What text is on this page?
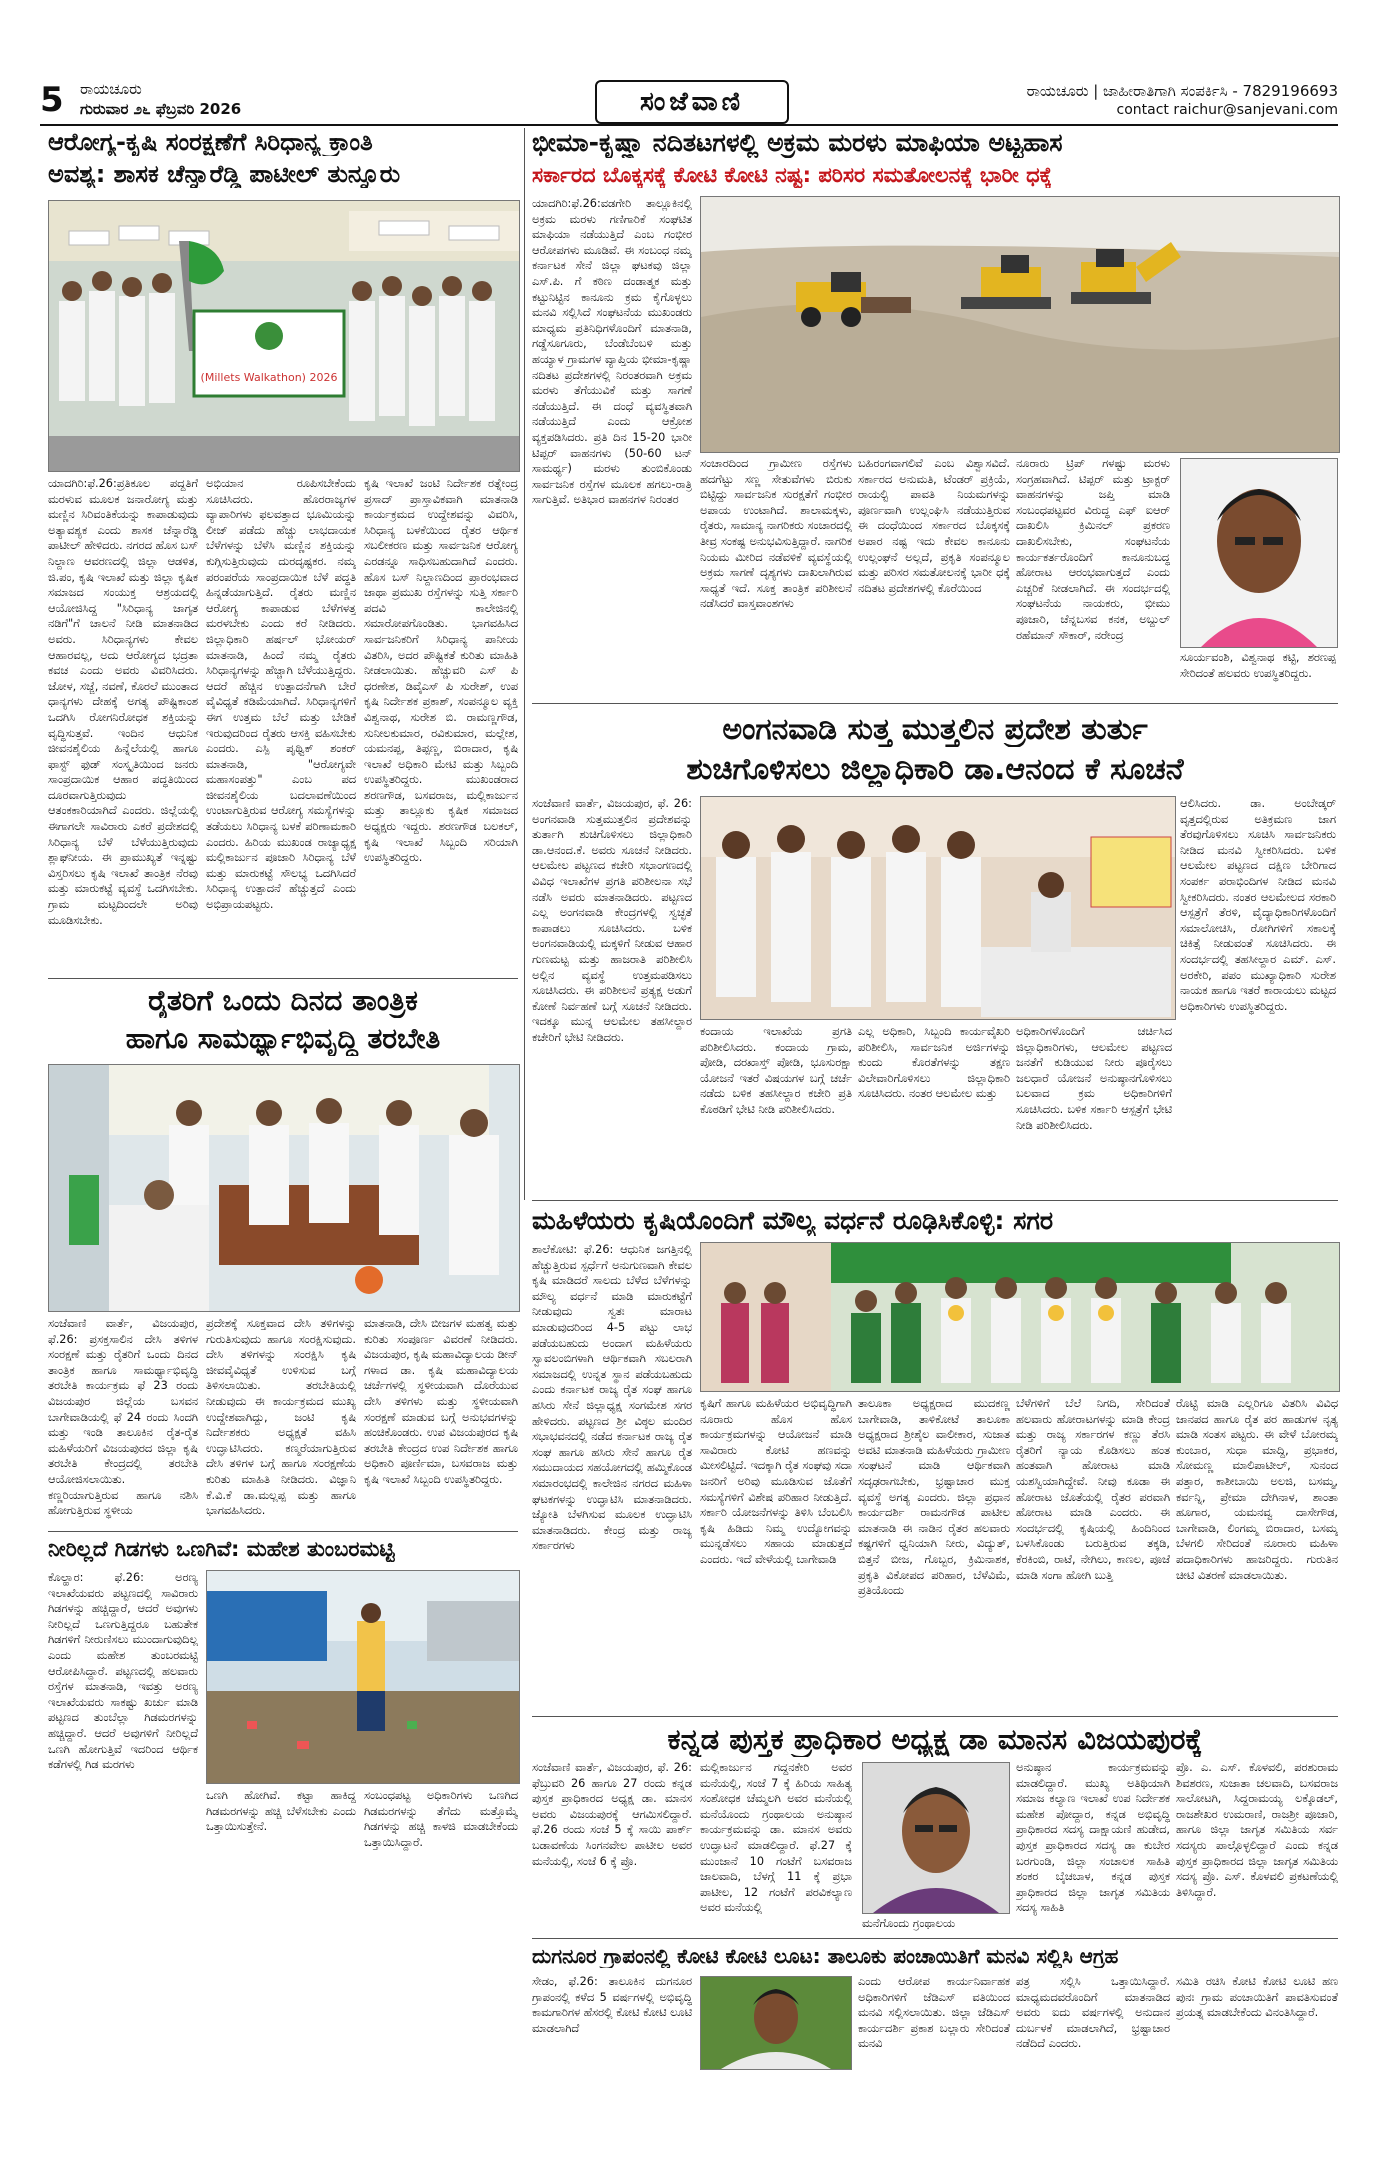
5 ರಾಯಚೂರು
ಗುರುವಾರ ೨೬ ಫೆಬ್ರವರಿ 2026	ಸಂಜೆವಾಣಿ	ರಾಯಚೂರು | ಜಾಹೀರಾತಿಗಾಗಿ ಸಂಪರ್ಕಿಸಿ - 7829196693
contact raichur@sanjevani.com
ಆರೋಗ್ಯ-ಕೃಷಿ ಸಂರಕ್ಷಣೆಗೆ ಸಿರಿಧಾನ್ಯ ಕ್ರಾಂತಿ
ಅವಶ್ಯ: ಶಾಸಕ ಚೆನ್ನಾರೆಡ್ಡಿ ಪಾಟೀಲ್ ತುನ್ನೂರು
(Millets Walkathon) 2026

ಯಾದಗಿರಿ:ಫೆ.26:ಪ್ರತಿಕೂಲ ಪದ್ದತಿಗೆ ಮರಳುವ ಮೂಲಕ ಜನಾರೋಗ್ಯ ಮತ್ತು ಮಣ್ಣಿನ ಸಿರಿವಂತಿಕೆಯನ್ನು ಕಾಪಾಡುವುದು ಅತ್ಯಾವಶ್ಯಕ ಎಂದು ಶಾಸಕ ಚೆನ್ನಾರೆಡ್ಡಿ ಪಾಟೀಲ್ ಹೇಳಿದರು. ನಗರದ ಹೊಸ ಬಸ್ ನಿಲ್ದಾಣ ಆವರಣದಲ್ಲಿ ಜಿಲ್ಲಾ ಆಡಳಿತ, ಜಿ.ಪಂ, ಕೃಷಿ ಇಲಾಖೆ ಮತ್ತು ಜಿಲ್ಲಾ ಕೃಷಿಕ ಸಮಾಜದ ಸಂಯುಕ್ತ ಆಶ್ರಯದಲ್ಲಿ ಆಯೋಜಿಸಿದ್ದ "ಸಿರಿಧಾನ್ಯ ಜಾಗೃತ ನಡಿಗೆ"ಗೆ ಚಾಲನೆ ನೀಡಿ ಮಾತನಾಡಿದ ಅವರು. ಸಿರಿಧಾನ್ಯಗಳು ಕೇವಲ ಆಹಾರವಲ್ಲ, ಅದು ಆರೋಗ್ಯದ ಭದ್ರತಾ ಕವಚ ಎಂದು ಅವರು ವಿವರಿಸಿದರು. ಜೋಳ, ಸಜ್ಜೆ, ನವಣೆ, ಕೊರಲೆ ಮುಂತಾದ ಧಾನ್ಯಗಳು ದೇಹಕ್ಕೆ ಅಗತ್ಯ ಪೌಷ್ಟಿಕಾಂಶ ಒದಗಿಸಿ ರೋಗನಿರೋಧಕ ಶಕ್ತಿಯನ್ನು ವೃದ್ಧಿಸುತ್ತವೆ. ಇಂದಿನ ಆಧುನಿಕ ಜೀವನಶೈಲಿಯ ಹಿನ್ನೆಲೆಯಲ್ಲಿ ಹಾಗೂ ಫಾಸ್ಟ್ ಫುಡ್ ಸಂಸ್ಕೃತಿಯಿಂದ ಜನರು ಸಾಂಪ್ರದಾಯಿಕ ಆಹಾರ ಪದ್ಧತಿಯಿಂದ ದೂರವಾಗುತ್ತಿರುವುದು ಆತಂಕಕಾರಿಯಾಗಿದೆ ಎಂದರು. ಜಿಲ್ಲೆಯಲ್ಲಿ ಈಗಾಗಲೇ ಸಾವಿರಾರು ಎಕರೆ ಪ್ರದೇಶದಲ್ಲಿ ಸಿರಿಧಾನ್ಯ ಬೆಳೆ ಬೆಳೆಯುತ್ತಿರುವುದು ಶ್ಲಾಘನೀಯ. ಈ ಪ್ರಾಮುಖ್ಯತೆ ಇನ್ನಷ್ಟು ವಿಸ್ತರಿಸಲು ಕೃಷಿ ಇಲಾಖೆ ತಾಂತ್ರಿಕ ನೆರವು ಮತ್ತು ಮಾರುಕಟ್ಟೆ ವ್ಯವಸ್ಥೆ ಒದಗಿಸಬೇಕು. ಗ್ರಾಮ ಮಟ್ಟದಿಂದಲೇ ಅರಿವು ಮೂಡಿಸಬೇಕು.

ಅಭಿಯಾನ ರೂಪಿಸಬೇಕೆಂದು ಸೂಚಿಸಿದರು. ಹೊರರಾಜ್ಯಗಳ ವ್ಯಾಪಾರಿಗಳು ಫಲವತ್ತಾದ ಭೂಮಿಯನ್ನು ಲೀಜ್ ಪಡೆದು ಹೆಚ್ಚು ಲಾಭದಾಯಕ ಬೆಳೆಗಳನ್ನು ಬೆಳೆಸಿ ಮಣ್ಣಿನ ಶಕ್ತಿಯನ್ನು ಕುಗ್ಗಿಸುತ್ತಿರುವುದು ದುರದೃಷ್ಟಕರ. ನಮ್ಮ ಪರಂಪರೆಯ ಸಾಂಪ್ರದಾಯಿಕ ಬೆಳೆ ಪದ್ಧತಿ ಹಿನ್ನಡೆಯಾಗುತ್ತಿದೆ. ರೈತರು ಮಣ್ಣಿನ ಆರೋಗ್ಯ ಕಾಪಾಡುವ ಬೆಳೆಗಳತ್ತ ಮರಳಬೇಕು ಎಂದು ಕರೆ ನೀಡಿದರು. ಜಿಲ್ಲಾಧಿಕಾರಿ ಹರ್ಷಲ್ ಭೋಯರ್ ಮಾತನಾಡಿ, ಹಿಂದೆ ನಮ್ಮ ರೈತರು ಸಿರಿಧಾನ್ಯಗಳನ್ನು ಹೆಚ್ಚಾಗಿ ಬೆಳೆಯುತ್ತಿದ್ದರು. ಆದರೆ ಹೆಚ್ಚಿನ ಉತ್ಪಾದನೆಗಾಗಿ ಬೇರೆ ವೈವಿಧ್ಯತೆ ಕಡಿಮೆಯಾಗಿದೆ. ಸಿರಿಧಾನ್ಯಗಳಿಗೆ ಈಗ ಉತ್ತಮ ಬೆಲೆ ಮತ್ತು ಬೇಡಿಕೆ ಇರುವುದರಿಂದ ರೈತರು ಆಸಕ್ತಿ ವಹಿಸಬೇಕು ಎಂದರು. ಎಸ್ಪಿ ಪೃಥ್ವಿಕ್ ಶಂಕರ್ ಮಾತನಾಡಿ, "ಆರೋಗ್ಯವೇ ಮಹಾಸಂಪತ್ತು" ಎಂಬ ಪದ ಜೀವನಶೈಲಿಯ ಬದಲಾವಣೆಯಿಂದ ಉಂಟಾಗುತ್ತಿರುವ ಆರೋಗ್ಯ ಸಮಸ್ಯೆಗಳನ್ನು ತಡೆಯಲು ಸಿರಿಧಾನ್ಯ ಬಳಕೆ ಪರಿಣಾಮಕಾರಿ ಎಂದರು. ಹಿರಿಯ ಮುಖಂಡ ರಾಜ್ಯಾಧ್ಯಕ್ಷ ಮಲ್ಲಿಕಾರ್ಜುನ ಪೂಜಾರಿ ಸಿರಿಧಾನ್ಯ ಬೆಳೆ ಮತ್ತು ಮಾರುಕಟ್ಟೆ ಸೌಲಭ್ಯ ಒದಗಿಸಿದರೆ ಸಿರಿಧಾನ್ಯ ಉತ್ಪಾದನೆ ಹೆಚ್ಚುತ್ತದೆ ಎಂದು ಅಭಿಪ್ರಾಯಪಟ್ಟರು.

ಕೃಷಿ ಇಲಾಖೆ ಜಂಟಿ ನಿರ್ದೇಶಕ ರತ್ನೇಂದ್ರ ಪ್ರಸಾದ್ ಪ್ರಾಸ್ತಾವಿಕವಾಗಿ ಮಾತನಾಡಿ ಕಾರ್ಯಕ್ರಮದ ಉದ್ದೇಶವನ್ನು ವಿವರಿಸಿ, ಸಿರಿಧಾನ್ಯ ಬಳಕೆಯಿಂದ ರೈತರ ಆರ್ಥಿಕ ಸಬಲೀಕರಣ ಮತ್ತು ಸಾರ್ವಜನಿಕ ಆರೋಗ್ಯ ಎರಡನ್ನೂ ಸಾಧಿಸಬಹುದಾಗಿದೆ ಎಂದರು. ಹೊಸ ಬಸ್ ನಿಲ್ದಾಣದಿಂದ ಪ್ರಾರಂಭವಾದ ಜಾಥಾ ಪ್ರಮುಖ ರಸ್ತೆಗಳನ್ನು ಸುತ್ತಿ ಸರ್ಕಾರಿ ಪದವಿ ಕಾಲೇಜಿನಲ್ಲಿ ಸಮಾರೋಪಗೊಂಡಿತು. ಭಾಗವಹಿಸಿದ ಸಾರ್ವಜನಿಕರಿಗೆ ಸಿರಿಧಾನ್ಯ ಪಾನೀಯ ವಿತರಿಸಿ, ಅದರ ಪೌಷ್ಟಿಕತೆ ಕುರಿತು ಮಾಹಿತಿ ನೀಡಲಾಯಿತು. ಹೆಚ್ಚುವರಿ ಎಸ್ ಪಿ ಧರಣೇಶ, ಡಿವೈಎಸ್ ಪಿ ಸುರೇಶ್, ಉಪ ಕೃಷಿ ನಿರ್ದೇಶಕ ಪ್ರಕಾಶ್, ಸಂಪನ್ಮೂಲ ವ್ಯಕ್ತಿ ವಿಶ್ವನಾಥ, ಸುರೇಶ ಬಿ. ರಾಮಣ್ಣಗೌಡ, ಸುನೀಲಕುಮಾರ, ರವಿಕುಮಾರ, ಮಲ್ಲೇಶ, ಯಮನಪ್ಪ, ತಿಪ್ಪಣ್ಣ, ಬಿರಾದಾರ, ಕೃಷಿ ಇಲಾಖೆ ಅಧಿಕಾರಿ ಮೇಟಿ ಮತ್ತು ಸಿಬ್ಬಂದಿ ಉಪಸ್ಥಿತರಿದ್ದರು. ಮುಖಂಡರಾದ ಶರಣಗೌಡ, ಬಸವರಾಜ, ಮಲ್ಲಿಕಾರ್ಜುನ ಮತ್ತು ತಾಲ್ಲೂಕು ಕೃಷಿಕ ಸಮಾಜದ ಅಧ್ಯಕ್ಷರು ಇದ್ದರು. ಶರಣಗೌಡ ಬಲಕಲ್, ಕೃಷಿ ಇಲಾಖೆ ಸಿಬ್ಬಂದಿ ಸರಿಯಾಗಿ ಉಪಸ್ಥಿತರಿದ್ದರು.

ಭೀಮಾ-ಕೃಷ್ಣಾ ನದಿತಟಗಳಲ್ಲಿ ಅಕ್ರಮ ಮರಳು ಮಾಫಿಯಾ ಅಟ್ಟಹಾಸ
ಸರ್ಕಾರದ ಬೊಕ್ಕಸಕ್ಕೆ ಕೋಟಿ ಕೋಟಿ ನಷ್ಟ: ಪರಿಸರ ಸಮತೋಲನಕ್ಕೆ ಭಾರೀ ಧಕ್ಕೆ

ಯಾದಗಿರಿ:ಫೆ.26:ವಡಗೇರಿ ತಾಲ್ಲೂಕಿನಲ್ಲಿ ಅಕ್ರಮ ಮರಳು ಗಣಿಗಾರಿಕೆ ಸಂಘಟಿತ ಮಾಫಿಯಾ ನಡೆಯುತ್ತಿದೆ ಎಂಬ ಗಂಭೀರ ಆರೋಪಗಳು ಮೂಡಿವೆ. ಈ ಸಂಬಂಧ ನಮ್ಮ ಕರ್ನಾಟಕ ಸೇನೆ ಜಿಲ್ಲಾ ಘಟಕವು ಜಿಲ್ಲಾ ಎಸ್.ಪಿ. ಗೆ ಕಠಿಣ ದಂಡಾತ್ಮಕ ಮತ್ತು ಕಟ್ಟುನಿಟ್ಟಿನ ಕಾನೂನು ಕ್ರಮ ಕೈಗೊಳ್ಳಲು ಮನವಿ ಸಲ್ಲಿಸಿದೆ ಸಂಘಟನೆಯ ಮುಖಂಡರು ಮಾಧ್ಯಮ ಪ್ರತಿನಿಧಿಗಳೊಂದಿಗೆ ಮಾತನಾಡಿ, ಗಡ್ಡೆಸೂಗೂರು, ಬೆಂಡೆಬೆಂಬಳಿ ಮತ್ತು ಹಯ್ಯಾಳ ಗ್ರಾಮಗಳ ವ್ಯಾಪ್ತಿಯ ಭೀಮಾ-ಕೃಷ್ಣಾ ನದಿತಟ ಪ್ರದೇಶಗಳಲ್ಲಿ ನಿರಂತರವಾಗಿ ಅಕ್ರಮ ಮರಳು ತೆಗೆಯುವಿಕೆ ಮತ್ತು ಸಾಗಣೆ ನಡೆಯುತ್ತಿದೆ. ಈ ದಂಧೆ ವ್ಯವಸ್ಥಿತವಾಗಿ ನಡೆಯುತ್ತಿದೆ ಎಂದು ಆಕ್ರೋಶ ವ್ಯಕ್ತಪಡಿಸಿದರು. ಪ್ರತಿ ದಿನ 15-20 ಭಾರೀ ಟಿಪ್ಪರ್ ವಾಹನಗಳು (50-60 ಟನ್ ಸಾಮರ್ಥ್ಯ) ಮರಳು ತುಂಬಿಕೊಂಡು ಸಾರ್ವಜನಿಕ ರಸ್ತೆಗಳ ಮೂಲಕ ಹಗಲು-ರಾತ್ರಿ ಸಾಗುತ್ತಿವೆ. ಅತಿಭಾರ ವಾಹನಗಳ ನಿರಂತರ

ಸಂಚಾರದಿಂದ ಗ್ರಾಮೀಣ ರಸ್ತೆಗಳು ಹದಗೆಟ್ಟು ಸಣ್ಣ ಸೇತುವೆಗಳು ಬಿರುಕು ಬಿಟ್ಟಿದ್ದು ಸಾರ್ವಜನಿಕ ಸುರಕ್ಷತೆಗೆ ಗಂಭೀರ ಅಪಾಯ ಉಂಟಾಗಿದೆ. ಶಾಲಾಮಕ್ಕಳು, ರೈತರು, ಸಾಮಾನ್ಯ ನಾಗರಿಕರು ಸಂಚಾರದಲ್ಲಿ ತೀವ್ರ ಸಂಕಷ್ಟ ಅನುಭವಿಸುತ್ತಿದ್ದಾರೆ. ನಾಗರಿಕ ನಿಯಮ ಮೀರಿದ ನಡೆವಳಿಕೆ ವ್ಯವಸ್ಥೆಯಲ್ಲಿ ಅಕ್ರಮ ಸಾಗಣೆ ದೃಶ್ಯಗಳು ದಾಖಲಾಗಿರುವ ಸಾಧ್ಯತೆ ಇದೆ. ಸೂಕ್ತ ತಾಂತ್ರಿಕ ಪರಿಶೀಲನೆ ನಡೆಸಿದರೆ ವಾಸ್ತವಾಂಶಗಳು

ಬಹಿರಂಗವಾಗಲಿವೆ ಎಂಬ ವಿಶ್ವಾಸವಿದೆ. ಸರ್ಕಾರದ ಅನುಮತಿ, ಟೆಂಡರ್ ಪ್ರಕ್ರಿಯೆ, ರಾಯಲ್ಟಿ ಪಾವತಿ ನಿಯಮಗಳನ್ನು ಪೂರ್ಣವಾಗಿ ಉಲ್ಲಂಘಿಸಿ ನಡೆಯುತ್ತಿರುವ ಈ ದಂಧೆಯಿಂದ ಸರ್ಕಾರದ ಬೊಕ್ಕಸಕ್ಕೆ ಅಪಾರ ನಷ್ಟ ಇದು ಕೇವಲ ಕಾನೂನು ಉಲ್ಲಂಘನೆ ಅಲ್ಲದೆ, ಪ್ರಕೃತಿ ಸಂಪನ್ಮೂಲ ಮತ್ತು ಪರಿಸರ ಸಮತೋಲನಕ್ಕೆ ಭಾರೀ ಧಕ್ಕೆ ನದಿತಟ ಪ್ರದೇಶಗಳಲ್ಲಿ ಕೊರೆಯಿಂದ

ನೂರಾರು ಟ್ರಿಪ್ ಗಳಷ್ಟು ಮರಳು ಸಂಗ್ರಹವಾಗಿದೆ. ಟಿಪ್ಪರ್ ಮತ್ತು ಟ್ರಾಕ್ಟರ್ ವಾಹನಗಳನ್ನು ಜಪ್ತಿ ಮಾಡಿ ಸಂಬಂಧಪಟ್ಟವರ ವಿರುದ್ಧ ಎಫ್ ಐಆರ್ ದಾಖಲಿಸಿ ಕ್ರಿಮಿನಲ್ ಪ್ರಕರಣ ದಾಖಲಿಸಬೇಕು, ಸಂಘಟನೆಯ ಕಾರ್ಯಕರ್ತರೊಂದಿಗೆ ಕಾನೂನುಬದ್ಧ ಹೋರಾಟ ಆರಂಭವಾಗುತ್ತದೆ ಎಂದು ಎಚ್ಚರಿಕೆ ನೀಡಲಾಗಿದೆ. ಈ ಸಂದರ್ಭದಲ್ಲಿ ಸಂಘಟನೆಯ ನಾಯಕರು, ಭೀಮು ಪೂಜಾರಿ, ಚೆನ್ನಬಸವ ಕನಕ, ಅಬ್ದುಲ್ ರಹೆಮಾನ್ ಸೌಕಾರ್, ನರೇಂದ್ರ

ಸೂರ್ಯವಂಶಿ, ವಿಶ್ವನಾಥ ಕಟ್ಟಿ, ಶರಣಪ್ಪ ಸೇರಿದಂತೆ ಹಲವರು ಉಪಸ್ಥಿತರಿದ್ದರು.

ಅಂಗನವಾಡಿ ಸುತ್ತ ಮುತ್ತಲಿನ ಪ್ರದೇಶ ತುರ್ತು
ಶುಚಿಗೊಳಿಸಲು ಜಿಲ್ಲಾಧಿಕಾರಿ ಡಾ.ಆನಂದ ಕೆ ಸೂಚನೆ

ಸಂಜೆವಾಣಿ ವಾರ್ತೆ, ವಿಜಯಪುರ, ಫೆ. 26: ಅಂಗನವಾಡಿ ಸುತ್ತಮುತ್ತಲಿನ ಪ್ರದೇಶವನ್ನು ತುರ್ತಾಗಿ ಶುಚಿಗೊಳಿಸಲು ಜಿಲ್ಲಾಧಿಕಾರಿ ಡಾ.ಆನಂದ.ಕೆ. ಅವರು ಸೂಚನೆ ನೀಡಿದರು. ಆಲಮೇಲ ಪಟ್ಟಣದ ಕಚೇರಿ ಸಭಾಂಗಣದಲ್ಲಿ ವಿವಿಧ ಇಲಾಖೆಗಳ ಪ್ರಗತಿ ಪರಿಶೀಲನಾ ಸಭೆ ನಡೆಸಿ ಅವರು ಮಾತನಾಡಿದರು. ಪಟ್ಟಣದ ಎಲ್ಲ ಅಂಗನವಾಡಿ ಕೇಂದ್ರಗಳಲ್ಲಿ ಸ್ವಚ್ಛತೆ ಕಾಪಾಡಲು ಸೂಚಿಸಿದರು. ಬಳಿಕ ಅಂಗನವಾಡಿಯಲ್ಲಿ ಮಕ್ಕಳಿಗೆ ನೀಡುವ ಆಹಾರ ಗುಣಮಟ್ಟ ಮತ್ತು ಹಾಜರಾತಿ ಪರಿಶೀಲಿಸಿ ಅಲ್ಲಿನ ವ್ಯವಸ್ಥೆ ಉತ್ತಮಪಡಿಸಲು ಸೂಚಿಸಿದರು. ಈ ಪರಿಶೀಲನೆ ಪ್ರತ್ಯಕ್ಷ ಅಡುಗೆ ಕೋಣೆ ನಿರ್ವಹಣೆ ಬಗ್ಗೆ ಸೂಚನೆ ನೀಡಿದರು. ಇದಕ್ಕೂ ಮುನ್ನ ಆಲಮೇಲ ತಹಸೀಲ್ದಾರ ಕಚೇರಿಗೆ ಭೇಟಿ ನೀಡಿದರು.	ಕಂದಾಯ ಇಲಾಖೆಯ ಪ್ರಗತಿ ಪರಿಶೀಲಿಸಿದರು. ಕಂದಾಯ ಗ್ರಾಮ, ಪೋಡಿ, ದರಖಾಸ್ತ್ ಪೋಡಿ, ಭೂಸುರಕ್ಷಾ ಯೋಜನೆ ಇತರೆ ವಿಷಯಗಳ ಬಗ್ಗೆ ಚರ್ಚೆ ನಡೆದು ಬಳಿಕ ತಹಸೀಲ್ದಾರ ಕಚೇರಿ ಪ್ರತಿ ಕೊಠಡಿಗೆ ಭೇಟಿ ನೀಡಿ ಪರಿಶೀಲಿಸಿದರು.

ಎಲ್ಲ ಅಧಿಕಾರಿ, ಸಿಬ್ಬಂದಿ ಕಾರ್ಯವೈಖರಿ ಪರಿಶೀಲಿಸಿ, ಸಾರ್ವಜನಿಕ ಅರ್ಜಿಗಳನ್ನು ಕುಂದು ಕೊರತೆಗಳನ್ನು ತಕ್ಷಣ ವಿಲೇವಾರಿಗೊಳಿಸಲು ಜಿಲ್ಲಾಧಿಕಾರಿ ಸೂಚಿಸಿದರು. ನಂತರ ಆಲಮೇಲ ಮತ್ತು

ಅಧಿಕಾರಿಗಳೊಂದಿಗೆ ಚರ್ಚಿಸಿದ ಜಿಲ್ಲಾಧಿಕಾರಿಗಳು, ಆಲಮೇಲ ಪಟ್ಟಣದ ಜನತೆಗೆ ಕುಡಿಯುವ ನೀರು ಪೂರೈಸಲು ಜಲಧಾರೆ ಯೋಜನೆ ಅನುಷ್ಠಾನಗೊಳಿಸಲು ಬಲವಾದ ಕ್ರಮ ಅಧಿಕಾರಿಗಳಿಗೆ ಸೂಚಿಸಿದರು. ಬಳಿಕ ಸರ್ಕಾರಿ ಆಸ್ಪತ್ರೆಗೆ ಭೇಟಿ ನೀಡಿ ಪರಿಶೀಲಿಸಿದರು.

ಆಲಿಸಿದರು. ಡಾ. ಅಂಬೇಡ್ಕರ್ ವೃತ್ತದಲ್ಲಿರುವ ಅತಿಕ್ರಮಣ ಜಾಗ ತೆರವುಗೊಳಿಸಲು ಸೂಚಿಸಿ ಸಾರ್ವಜನಿಕರು ನೀಡಿದ ಮನವಿ ಸ್ವೀಕರಿಸಿದರು. ಬಳಿಕ ಆಲಮೇಲ ಪಟ್ಟಣದ ದಕ್ಷಿಣ ಬೇರಿಗಾದ ಸಂಪರ್ಕ ಪರಾಭಿಂದಿಗಳ ನೀಡಿದ ಮನವಿ ಸ್ವೀಕರಿಸಿದರು. ನಂತರ ಆಲಮೇಲದ ಸರಕಾರಿ ಆಸ್ಪತ್ರೆಗೆ ತೆರಳಿ, ವೈದ್ಯಾಧಿಕಾರಿಗಳೊಂದಿಗೆ ಸಮಾಲೋಚಿಸಿ, ರೋಗಿಗಳಿಗೆ ಸಕಾಲಕ್ಕೆ ಚಿಕಿತ್ಸೆ ನೀಡುವಂತೆ ಸೂಚಿಸಿದರು. ಈ ಸಂದರ್ಭದಲ್ಲಿ ತಹಸೀಲ್ದಾರ ಎಮ್. ಎಸ್. ಅರಕೇರಿ, ಪಪಂ ಮುಖ್ಯಾಧಿಕಾರಿ ಸುರೇಶ ನಾಯಕ ಹಾಗೂ ಇತರೆ ಕಾರಾಯಲು ಮಟ್ಟದ ಅಧಿಕಾರಿಗಳು ಉಪಸ್ಥಿತರಿದ್ದರು.

ರೈತರಿಗೆ ಒಂದು ದಿನದ ತಾಂತ್ರಿಕ
ಹಾಗೂ ಸಾಮರ್ಥ್ಯಾಭಿವೃದ್ಧಿ ತರಬೇತಿ

ಸಂಜೆವಾಣಿ ವಾರ್ತೆ, ವಿಜಯಪುರ, ಫೆ.26: ಪ್ರಸಕ್ತಸಾಲಿನ ದೇಸಿ ತಳಿಗಳ ಸಂರಕ್ಷಣೆ ಮತ್ತು ರೈತರಿಗೆ ಒಂದು ದಿನದ ತಾಂತ್ರಿಕ ಹಾಗೂ ಸಾಮರ್ಥ್ಯಾಭಿವೃದ್ಧಿ ತರಬೇತಿ ಕಾರ್ಯಕ್ರಮ ಫೆ 23 ರಂದು ವಿಜಯಪುರ ಜಿಲ್ಲೆಯ ಬಸವನ ಬಾಗೇವಾಡಿಯಲ್ಲಿ ಫೆ 24 ರಂದು ಸಿಂದಗಿ ಮತ್ತು ಇಂಡಿ ತಾಲೂಕಿನ ರೈತ-ರೈತ ಮಹಿಳೆಯರಿಗೆ ವಿಜಯಪುರದ ಜಿಲ್ಲಾ ಕೃಷಿ ತರಬೇತಿ ಕೇಂದ್ರದಲ್ಲಿ ತರಬೇತಿ ಆಯೋಜಿಸಲಾಯಿತು. ಕಣ್ಣರಿಯಾಗುತ್ತಿರುವ ಹಾಗೂ ನಶಿಸಿ ಹೋಗುತ್ತಿರುವ ಸ್ಥಳೀಯ

ಪ್ರದೇಶಕ್ಕೆ ಸೂಕ್ತವಾದ ದೇಸಿ ತಳಿಗಳನ್ನು ಗುರುತಿಸುವುದು ಹಾಗೂ ಸಂರಕ್ಷಿಸುವುದು. ದೇಸಿ ತಳಿಗಳನ್ನು ಸಂರಕ್ಷಿಸಿ ಕೃಷಿ ಜೀವವೈವಿಧ್ಯತೆ ಉಳಿಸುವ ಬಗ್ಗೆ ತಿಳಿಸಲಾಯಿತು. ತರಬೇತಿಯಲ್ಲಿ ನೀಡುವುದು ಈ ಕಾರ್ಯಕ್ರಮದ ಮುಖ್ಯ ಉದ್ದೇಶವಾಗಿದ್ದು, ಜಂಟಿ ಕೃಷಿ ನಿರ್ದೇಶಕರು ಅಧ್ಯಕ್ಷತೆ ವಹಿಸಿ ಉದ್ಘಾಟಿಸಿದರು. ಕಣ್ಮರೆಯಾಗುತ್ತಿರುವ ದೇಸಿ ತಳಿಗಳ ಬಗ್ಗೆ ಹಾಗೂ ಸಂರಕ್ಷಣೆಯ ಕುರಿತು ಮಾಹಿತಿ ನೀಡಿದರು. ವಿಜ್ಞಾನಿ ಕೆ.ವಿ.ಕೆ ಡಾ.ಮಲ್ಲಪ್ಪ ಮತ್ತು ಹಾಗೂ ಭಾಗವಹಿಸಿದರು.

ಮಾತನಾಡಿ, ದೇಸಿ ಬೀಜಗಳ ಮಹತ್ವ ಮತ್ತು ಕುರಿತು ಸಂಪೂರ್ಣ ವಿವರಣೆ ನೀಡಿದರು. ವಿಜಯಪುರ, ಕೃಷಿ ಮಹಾವಿದ್ಯಾಲಯ ಡೀನ್ ಗಳಾದ ಡಾ. ಕೃಷಿ ಮಹಾವಿದ್ಯಾಲಯ ಚರ್ಚೆಗಳಲ್ಲಿ ಸ್ಥಳೀಯವಾಗಿ ದೊರೆಯುವ ದೇಸಿ ತಳಿಗಳು ಮತ್ತು ಸ್ಥಳೀಯವಾಗಿ ಸಂರಕ್ಷಣೆ ಮಾಡುವ ಬಗ್ಗೆ ಅನುಭವಗಳನ್ನು ಹಂಚಿಕೊಂಡರು. ಉಪ ವಿಜಯಪುರದ ಕೃಷಿ ತರಬೇತಿ ಕೇಂದ್ರದ ಉಪ ನಿರ್ದೇಶಕ ಹಾಗೂ ಅಧಿಕಾರಿ ಪೂರ್ಣಿಮಾ, ಬಸವರಾಜ ಮತ್ತು ಕೃಷಿ ಇಲಾಖೆ ಸಿಬ್ಬಂದಿ ಉಪಸ್ಥಿತರಿದ್ದರು.

ಮಹಿಳೆಯರು ಕೃಷಿಯೊಂದಿಗೆ ಮೌಲ್ಯ ವರ್ಧನೆ ರೂಢಿಸಿಕೊಳ್ಳಿ: ಸಗರ

ಶಾಲೆಕೋಟಿ: ಫೆ.26: ಆಧುನಿಕ ಜಗತ್ತಿನಲ್ಲಿ ಹೆಚ್ಚುತ್ತಿರುವ ಸ್ಪರ್ಧೆಗೆ ಅನುಗುಣವಾಗಿ ಕೇವಲ ಕೃಷಿ ಮಾಡಿದರೆ ಸಾಲದು ಬೆಳೆದ ಬೆಳೆಗಳನ್ನು ಮೌಲ್ಯ ವರ್ಧನೆ ಮಾಡಿ ಮಾರುಕಟ್ಟೆಗೆ ನೀಡುವುದು ಸ್ವತಃ ಮಾರಾಟ ಮಾಡುವುದರಿಂದ 4-5 ಪಟ್ಟು ಲಾಭ ಪಡೆಯಬಹುದು ಅಂದಾಗ ಮಹಿಳೆಯರು ಸ್ವಾವಲಂಬಿಗಳಾಗಿ ಆರ್ಥಿಕವಾಗಿ ಸಬಲರಾಗಿ ಸಮಾಜದಲ್ಲಿ ಉನ್ನತ ಸ್ಥಾನ ಪಡೆಯಬಹುದು ಎಂದು ಕರ್ನಾಟಕ ರಾಜ್ಯ ರೈತ ಸಂಘ ಹಾಗೂ ಹಸಿರು ಸೇನೆ ಜಿಲ್ಲಾಧ್ಯಕ್ಷ ಸಂಗಮೇಶ ಸಗರ ಹೇಳಿದರು. ಪಟ್ಟಣದ ಶ್ರೀ ವಿಠ್ಠಲ ಮಂದಿರ ಸಭಾಭವನದಲ್ಲಿ ನಡೆದ ಕರ್ನಾಟಕ ರಾಜ್ಯ ರೈತ ಸಂಘ ಹಾಗೂ ಹಸಿರು ಸೇನೆ ಹಾಗೂ ರೈತ ಸಮುದಾಯದ ಸಹಯೋಗದಲ್ಲಿ ಹಮ್ಮಿಕೊಂಡ ಸಮಾರಂಭದಲ್ಲಿ ಕಾಲೇಜಿನ ನಗರದ ಮಹಿಳಾ ಘಟಕಗಳನ್ನು ಉದ್ಘಾಟಿಸಿ ಮಾತನಾಡಿದರು. ಜ್ಯೋತಿ ಬೆಳಗಿಸುವ ಮೂಲಕ ಉದ್ಘಾಟಿಸಿ ಮಾತನಾಡಿದರು. ಕೇಂದ್ರ ಮತ್ತು ರಾಜ್ಯ ಸರ್ಕಾರಗಳು

ಕೃಷಿಗೆ ಹಾಗೂ ಮಹಿಳೆಯರ ಅಭಿವೃದ್ಧಿಗಾಗಿ ನೂರಾರು ಹೊಸ ಹೊಸ ಕಾರ್ಯಕ್ರಮಗಳನ್ನು ಆಯೋಜನೆ ಮಾಡಿ ಸಾವಿರಾರು ಕೋಟಿ ಹಣವನ್ನು ಮೀಸಲಿಟ್ಟಿದೆ. ಇದಕ್ಕಾಗಿ ರೈತ ಸಂಘವು ಸದಾ ಜನರಿಗೆ ಅರಿವು ಮೂಡಿಸುವ ಜೊತೆಗೆ ಸಮಸ್ಯೆಗಳಿಗೆ ವಿಶೇಷ ಪರಿಹಾರ ನೀಡುತ್ತಿದೆ. ಸರ್ಕಾರಿ ಯೋಜನೆಗಳನ್ನು ತಿಳಿಸಿ ಬೆಂಬಲಿಸಿ ಕೃಷಿ ಹಿಡಿದು ನಿಮ್ಮ ಉದ್ಯೋಗವನ್ನು ಮುನ್ನಡೆಸಲು ಸಹಾಯ ಮಾಡುತ್ತದೆ ಎಂದರು. ಇದೆ ವೇಳೆಯಲ್ಲಿ ಬಾಗೇವಾಡಿ

ತಾಲೂಕಾ ಅಧ್ಯಕ್ಷರಾದ ಮುದಕಣ್ಣ ಬಾಗೇವಾಡಿ, ತಾಳಿಕೋಟೆ ತಾಲೂಕಾ ಅಧ್ಯಕ್ಷರಾದ ಶ್ರೀಶೈಲ ವಾಲೀಕಾರ, ಸುಜಾತ ಅವಟಿ ಮಾತನಾಡಿ ಮಹಿಳೆಯರು ಗ್ರಾಮೀಣ ಸಂಘಟನೆ ಮಾಡಿ ಆರ್ಥಿಕವಾಗಿ ಸದೃಢರಾಗಬೇಕು, ಭ್ರಷ್ಟಾಚಾರ ಮುಕ್ತ ವ್ಯವಸ್ಥೆ ಅಗತ್ಯ ಎಂದರು. ಜಿಲ್ಲಾ ಪ್ರಧಾನ ಕಾರ್ಯದರ್ಶಿ ರಾಮನಗೌಡ ಪಾಟೀಲ ಮಾತನಾಡಿ ಈ ನಾಡಿನ ರೈತರ ಹಲವಾರು ಕಷ್ಟಗಳಿಗೆ ಧ್ವನಿಯಾಗಿ ನೀರು, ವಿದ್ಯುತ್, ಬಿತ್ತನೆ ಬೀಜ, ಗೊಬ್ಬರ, ಕ್ರಿಮಿನಾಶಕ, ಪ್ರಕೃತಿ ವಿಕೋಪದ ಪರಿಹಾರ, ಬೆಳೆವಿಮೆ, ಪ್ರತಿಯೊಂದು

ಬೆಳೆಗಳಿಗೆ ಬೆಲೆ ನಿಗದಿ, ಸೇರಿದಂತೆ ಹಲವಾರು ಹೋರಾಟಗಳನ್ನು ಮಾಡಿ ಕೇಂದ್ರ ಮತ್ತು ರಾಜ್ಯ ಸರ್ಕಾರಗಳ ಕಣ್ಣು ತೆರಸಿ ರೈತರಿಗೆ ನ್ಯಾಯ ಕೊಡಿಸಲು ಹಂತ ಹಂತವಾಗಿ ಹೋರಾಟ ಮಾಡಿ ಯಶಸ್ವಿಯಾಗಿದ್ದೇವೆ. ನೀವು ಕೂಡಾ ಈ ಹೋರಾಟ ಜೊತೆಯಲ್ಲಿ ರೈತರ ಪರವಾಗಿ ಹೋರಾಟ ಮಾಡಿ ಎಂದರು. ಈ ಸಂದರ್ಭದಲ್ಲಿ ಕೃಷಿಯಲ್ಲಿ ಹಿಂದಿನಿಂದ ಬಳಸಿಕೊಂಡು ಬರುತ್ತಿರುವ ತಕ್ಕಡಿ, ಕೆರಕಿಂಬಿ, ರಾಟೆ, ನೇಗಿಲು, ಕಾಣಲ, ಪೂಜೆ ಮಾಡಿ ಸಂಗಾ ಹೋಗಿ ಬುತ್ತಿ

ರೊಟ್ಟಿ ಮಾಡಿ ಎಲ್ಲರಿಗೂ ವಿತರಿಸಿ ವಿವಿಧ ಜಾನಪದ ಹಾಗೂ ರೈತ ಪರ ಹಾಡುಗಳ ನೃತ್ಯ ಮಾಡಿ ಸಂತಸ ಪಟ್ಟರು. ಈ ವೇಳೆ ಬೋರಮ್ಮ ಕುಂಬಾರ, ಸುಧಾ ಮಾದ್ದಿ, ಪ್ರಭಾಕರ, ಸೋಮಣ್ಣ ಮಾಲಿಪಾಟೀಲ್, ಸುನಂದ ಪತ್ತಾರ, ಕಾಶೀಬಾಯಿ ಅಲಜಿ, ಬಸಮ್ಮ, ಕರ್ವನ್ನಿ, ಪ್ರೇಮಾ ದೇಗಿನಾಳ, ಶಾಂತಾ ಹೂಗಾರ, ಯಮನವ್ವ ದಾಸೇಗೌಡ, ಬಾಗೇವಾಡಿ, ಲಿಂಗಮ್ಮ ಬಿರಾದಾರ, ಬಸಮ್ಮ ಬೆಳಗಲಿ ಸೇರಿದಂತೆ ನೂರಾರು ಮಹಿಳಾ ಪದಾಧಿಕಾರಿಗಳು ಹಾಜರಿದ್ದರು. ಗುರುತಿನ ಚೀಟಿ ವಿತರಣೆ ಮಾಡಲಾಯಿತು.

ನೀರಿಲ್ಲದೆ ಗಿಡಗಳು ಒಣಗಿವೆ: ಮಹೇಶ ತುಂಬರಮಟ್ಟಿ

ಕೊಲ್ಹಾರ: ಫೆ.26: ಅರಣ್ಯ ಇಲಾಖೆಯವರು ಪಟ್ಟಣದಲ್ಲಿ ಸಾವಿರಾರು ಗಿಡಗಳನ್ನು ಹಚ್ಚಿದ್ದಾರೆ, ಆದರೆ ಅವುಗಳು ನೀರಿಲ್ಲದೆ ಒಣಗುತ್ತಿದ್ದರೂ ಬಹುತೇಕ ಗಿಡಗಳಿಗೆ ನೀರುಣಿಸಲು ಮುಂದಾಗುವುದಿಲ್ಲ ಎಂದು ಮಹೇಶ ತುಂಬರಮಟ್ಟಿ ಆರೋಪಿಸಿದ್ದಾರೆ. ಪಟ್ಟಣದಲ್ಲಿ ಹಲವಾರು ರಸ್ತೆಗಳ ಮಾತನಾಡಿ, ಇವತ್ತು ಅರಣ್ಯ ಇಲಾಖೆಯವರು ಸಾಕಷ್ಟು ಖರ್ಚು ಮಾಡಿ ಪಟ್ಟಣದ ತುಂಬೆಲ್ಲಾ ಗಿಡಮರಗಳನ್ನು ಹಚ್ಚಿದ್ದಾರೆ. ಆದರೆ ಅವುಗಳಿಗೆ ನೀರಿಲ್ಲದೆ ಒಣಗಿ ಹೋಗುತ್ತಿವೆ ಇದರಿಂದ ಆರ್ಥಿಕ ಕಡೆಗಳಲ್ಲಿ ಗಿಡ ಮರಗಳು

ಒಣಗಿ ಹೋಗಿವೆ. ಕಟ್ಟಾ ಹಾಕಿದ್ದ ಗಿಡಮರಗಳನ್ನು ಹಚ್ಚಿ ಬೆಳೆಸಬೇಕು ಎಂದು ಒತ್ತಾಯಿಸುತ್ತೇನೆ.

ಸಂಬಂಧಪಟ್ಟ ಅಧಿಕಾರಿಗಳು ಒಣಗಿದ ಗಿಡಮರಗಳನ್ನು ತೆಗೆದು ಮತ್ತೊಮ್ಮೆ ಗಿಡಗಳನ್ನು ಹಚ್ಚಿ ಕಾಳಜಿ ಮಾಡಬೇಕೆಂದು ಒತ್ತಾಯಿಸಿದ್ದಾರೆ.

ಕನ್ನಡ ಪುಸ್ತಕ ಪ್ರಾಧಿಕಾರ ಅಧ್ಯಕ್ಷ ಡಾ ಮಾನಸ ವಿಜಯಪುರಕ್ಕೆ

ಸಂಜೆವಾಣಿ ವಾರ್ತೆ, ವಿಜಯಪುರ, ಫೆ. 26: ಫೆಬ್ರುವರಿ 26 ಹಾಗೂ 27 ರಂದು ಕನ್ನಡ ಪುಸ್ತಕ ಪ್ರಾಧಿಕಾರದ ಅಧ್ಯಕ್ಷ ಡಾ. ಮಾನಸ ಅವರು ವಿಜಯಪುರಕ್ಕೆ ಆಗಮಿಸಲಿದ್ದಾರೆ. ಫೆ.26 ರಂದು ಸಂಜೆ 5 ಕ್ಕೆ ಸಾಯಿ ಪಾರ್ಕ್ ಬಡಾವಣೆಯ ಸಿಂಗನವೇಲ ಪಾಟೀಲ ಅವರ ಮನೆಯಲ್ಲಿ, ಸಂಜೆ 6 ಕ್ಕೆ ಪ್ರೊ.

ಮಲ್ಲಿಕಾರ್ಜುನ ಗದ್ದನಕೇರಿ ಅವರ ಮನೆಯಲ್ಲಿ, ಸಂಜೆ 7 ಕ್ಕೆ ಹಿರಿಯ ಸಾಹಿತ್ಯ ಸಂಶೋಧಕ ಚೆಮ್ಮಲಗಿ ಅವರ ಮನೆಯಲ್ಲಿ ಮನೆಯೊಂದು ಗ್ರಂಥಾಲಯ ಅನುಷ್ಠಾನ ಕಾರ್ಯಕ್ರಮವನ್ನು ಡಾ. ಮಾನಸ ಅವರು ಉದ್ಘಾಟನೆ ಮಾಡಲಿದ್ದಾರೆ. ಫೆ.27 ಕ್ಕೆ ಮುಂಜಾನೆ 10 ಗಂಟೆಗೆ ಬಸವರಾಜ ಜಾಲವಾದಿ, ಬೆಳಗ್ಗೆ 11 ಕ್ಕೆ ಪ್ರಭಾ ಪಾಟೀಲ, 12 ಗಂಟೆಗೆ ಪರವಿಕಲ್ಯಾಣ ಅವರ ಮನೆಯಲ್ಲಿ

ಮನೆಗೊಂದು ಗ್ರಂಥಾಲಯ

ಅನುಷ್ಠಾನ ಕಾರ್ಯಕ್ರಮವನ್ನು ಮಾಡಲಿದ್ದಾರೆ. ಮುಖ್ಯ ಅತಿಥಿಯಾಗಿ ಸಮಾಜ ಕಲ್ಯಾಣ ಇಲಾಖೆ ಉಪ ನಿರ್ದೇಶಕ ಮಹೇಶ ಪೋದ್ದಾರ, ಕನ್ನಡ ಅಭಿವೃದ್ಧಿ ಪ್ರಾಧಿಕಾರದ ಸದಸ್ಯ ದಾಕ್ಷಾಯಣಿ ಹುಡೇದ, ಪುಸ್ತಕ ಪ್ರಾಧಿಕಾರದ ಸದಸ್ಯ ಡಾ ಕುಬೇರ ಬರಗುಂಡಿ, ಜಿಲ್ಲಾ ಸಂಚಾಲಕ ಸಾಹಿತಿ ಶಂಕರ ಬೈಚಬಾಳ, ಕನ್ನಡ ಪುಸ್ತಕ ಪ್ರಾಧಿಕಾರದ ಜಿಲ್ಲಾ ಜಾಗೃತ ಸಮಿತಿಯ ಸದಸ್ಯ ಸಾಹಿತಿ

ಪ್ರೊ. ಎ. ಎಸ್. ಕೊಳವಲಿ, ಪರಶುರಾಮ ಶಿವಶರಣ, ಸುಜಾತಾ ಚಲವಾದಿ, ಬಸವರಾಜ ಸಾಲೋಟಗಿ, ಸಿದ್ದರಾಮಯ್ಯ ಲಕ್ಕೊಡಲ್, ರಾಜಶೇಖರ ಉಮರಾಣಿ, ರಾಜಶ್ರೀ ಪೂಜಾರಿ, ಹಾಗೂ ಜಿಲ್ಲಾ ಜಾಗೃತ ಸಮಿತಿಯ ಸರ್ವ ಸದಸ್ಯರು ಪಾಲ್ಗೊಳ್ಳಲಿದ್ದಾರೆ ಎಂದು ಕನ್ನಡ ಪುಸ್ತಕ ಪ್ರಾಧಿಕಾರದ ಜಿಲ್ಲಾ ಜಾಗೃತ ಸಮಿತಿಯ ಸದಸ್ಯ ಪ್ರೊ. ಎಸ್. ಕೊಳವಲಿ ಪ್ರಕಟಣೆಯಲ್ಲಿ ತಿಳಿಸಿದ್ದಾರೆ.

ದುಗನೂರ ಗ್ರಾಪಂನಲ್ಲಿ ಕೋಟಿ ಕೋಟಿ ಲೂಟ: ತಾಲೂಕು ಪಂಚಾಯಿತಿಗೆ ಮನವಿ ಸಲ್ಲಿಸಿ ಆಗ್ರಹ

ಸೇಡಂ, ಫೆ.26: ತಾಲೂಕಿನ ದುಗನೂರ ಗ್ರಾಪಂನಲ್ಲಿ ಕಳೆದ 5 ವರ್ಷಗಳಲ್ಲಿ ಅಭಿವೃದ್ಧಿ ಕಾಮಗಾರಿಗಳ ಹೆಸರಲ್ಲಿ ಕೋಟಿ ಕೋಟಿ ಲೂಟಿ ಮಾಡಲಾಗಿದೆ

ಎಂದು ಆರೋಪ ಕಾರ್ಯನಿರ್ವಾಹಕ ಅಧಿಕಾರಿಗಳಿಗೆ ಜೆಡಿಎಸ್ ವತಿಯಿಂದ ಮನವಿ ಸಲ್ಲಿಸಲಾಯಿತು. ಜಿಲ್ಲಾ ಜೆಡಿಎಸ್ ಕಾರ್ಯದರ್ಶಿ ಪ್ರಕಾಶ ಬಲ್ಲಾರು ಸೇರಿದಂತೆ ಮನವಿ

ಪತ್ರ ಸಲ್ಲಿಸಿ ಒತ್ತಾಯಿಸಿದ್ದಾರೆ. ಮಾಧ್ಯಮದವರೊಂದಿಗೆ ಮಾತನಾಡಿದ ಅವರು ಐದು ವರ್ಷಗಳಲ್ಲಿ ಅನುದಾನ ದುರ್ಬಳಕೆ ಮಾಡಲಾಗಿದೆ, ಭ್ರಷ್ಟಾಚಾರ ನಡೆದಿದೆ ಎಂದರು.

ಸಮಿತಿ ರಚಿಸಿ ಕೋಟಿ ಕೋಟಿ ಲೂಟಿ ಹಣ ಪುನಃ ಗ್ರಾಮ ಪಂಚಾಯಿತಿಗೆ ಪಾವತಿಸುವಂತೆ ಪ್ರಯತ್ನ ಮಾಡಬೇಕೆಂದು ವಿನಂತಿಸಿದ್ದಾರೆ.
